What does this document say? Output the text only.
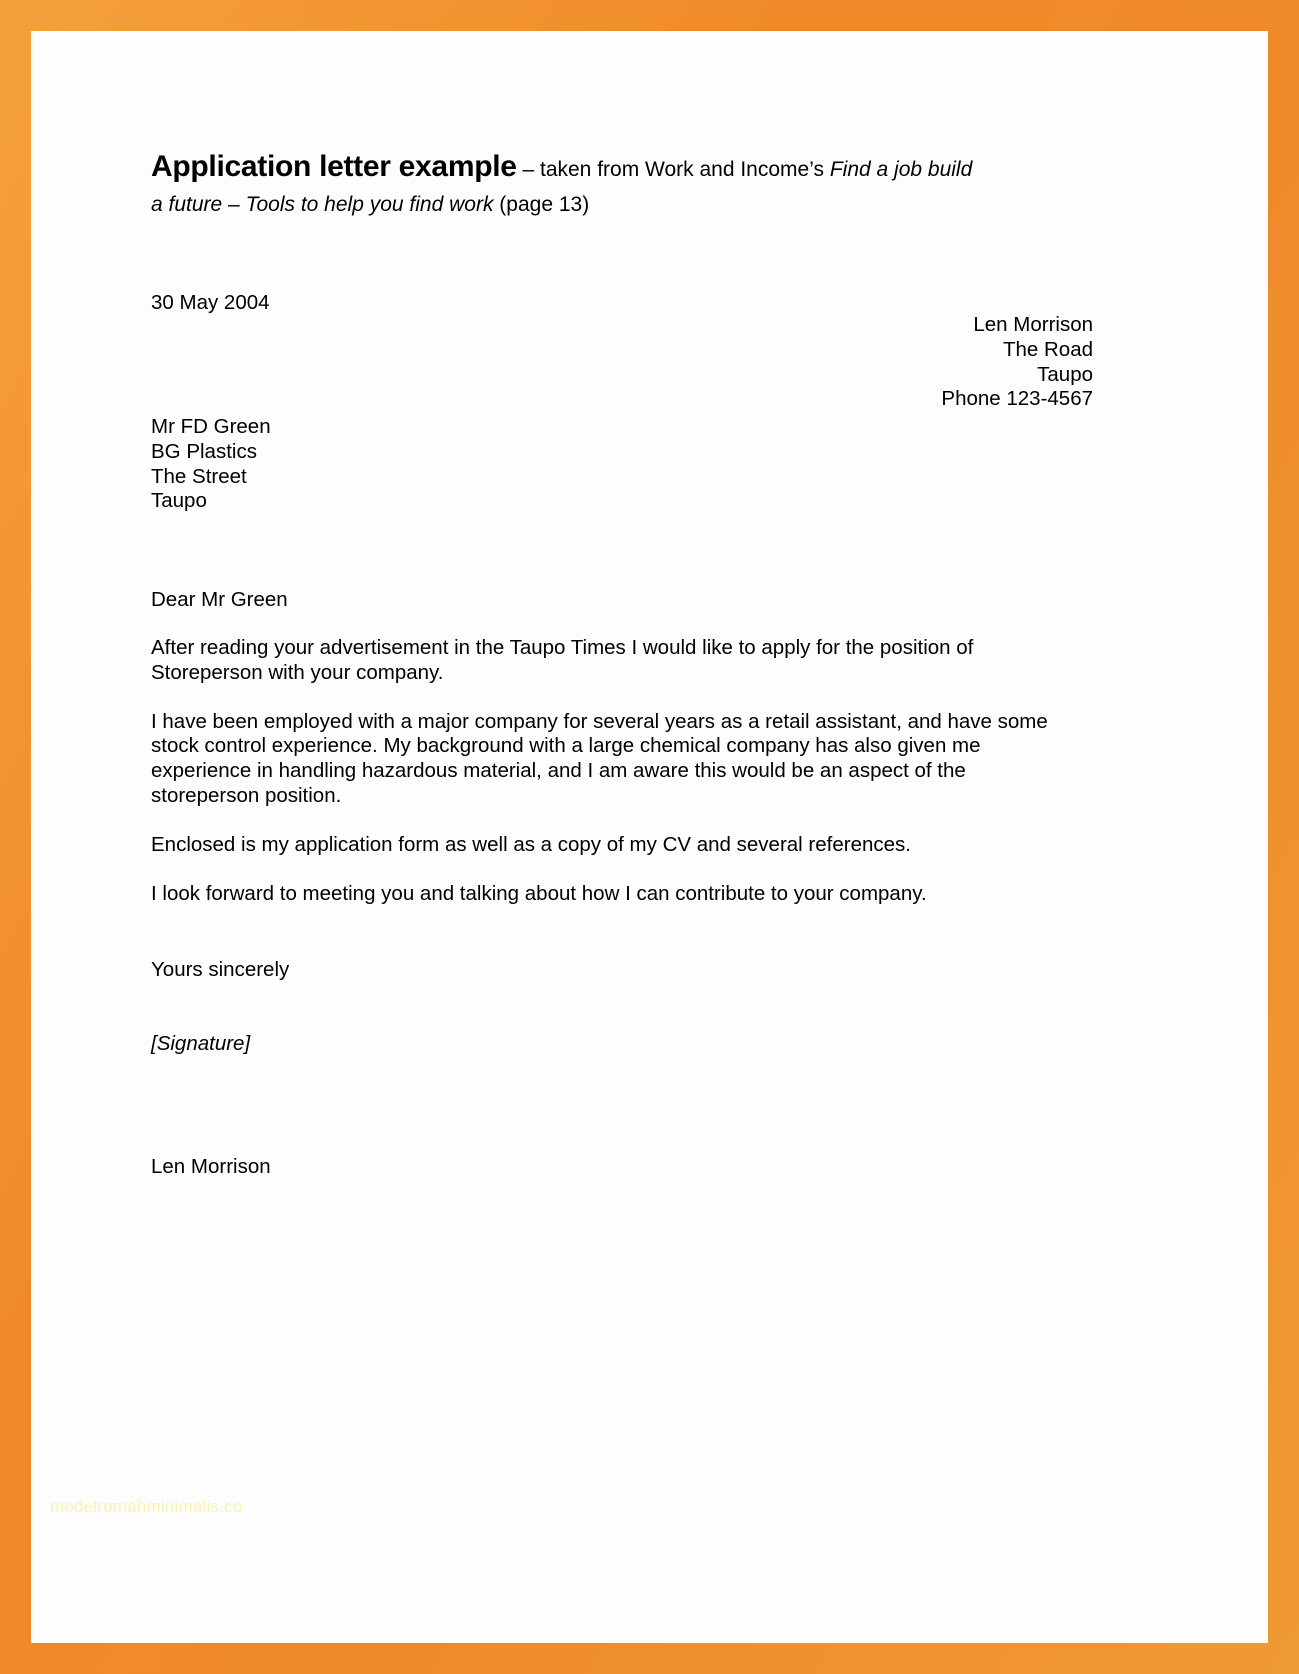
Application letter example – taken from Work and Income’s Find a job build
a future – Tools to help you find work (page 13)
30 May 2004
Len Morrison
The Road
Taupo
Phone 123-4567
Mr FD Green
BG Plastics
The Street
Taupo
Dear Mr Green

After reading your advertisement in the Taupo Times I would like to apply for the position of Storeperson with your company.

I have been employed with a major company for several years as a retail assistant, and have some stock control experience. My background with a large chemical company has also given me experience in handling hazardous material, and I am aware this would be an aspect of the storeperson position.

Enclosed is my application form as well as a copy of my CV and several references.

I look forward to meeting you and talking about how I can contribute to your company.

Yours sincerely
[Signature]
Len Morrison
modelrumahminimalis.co
